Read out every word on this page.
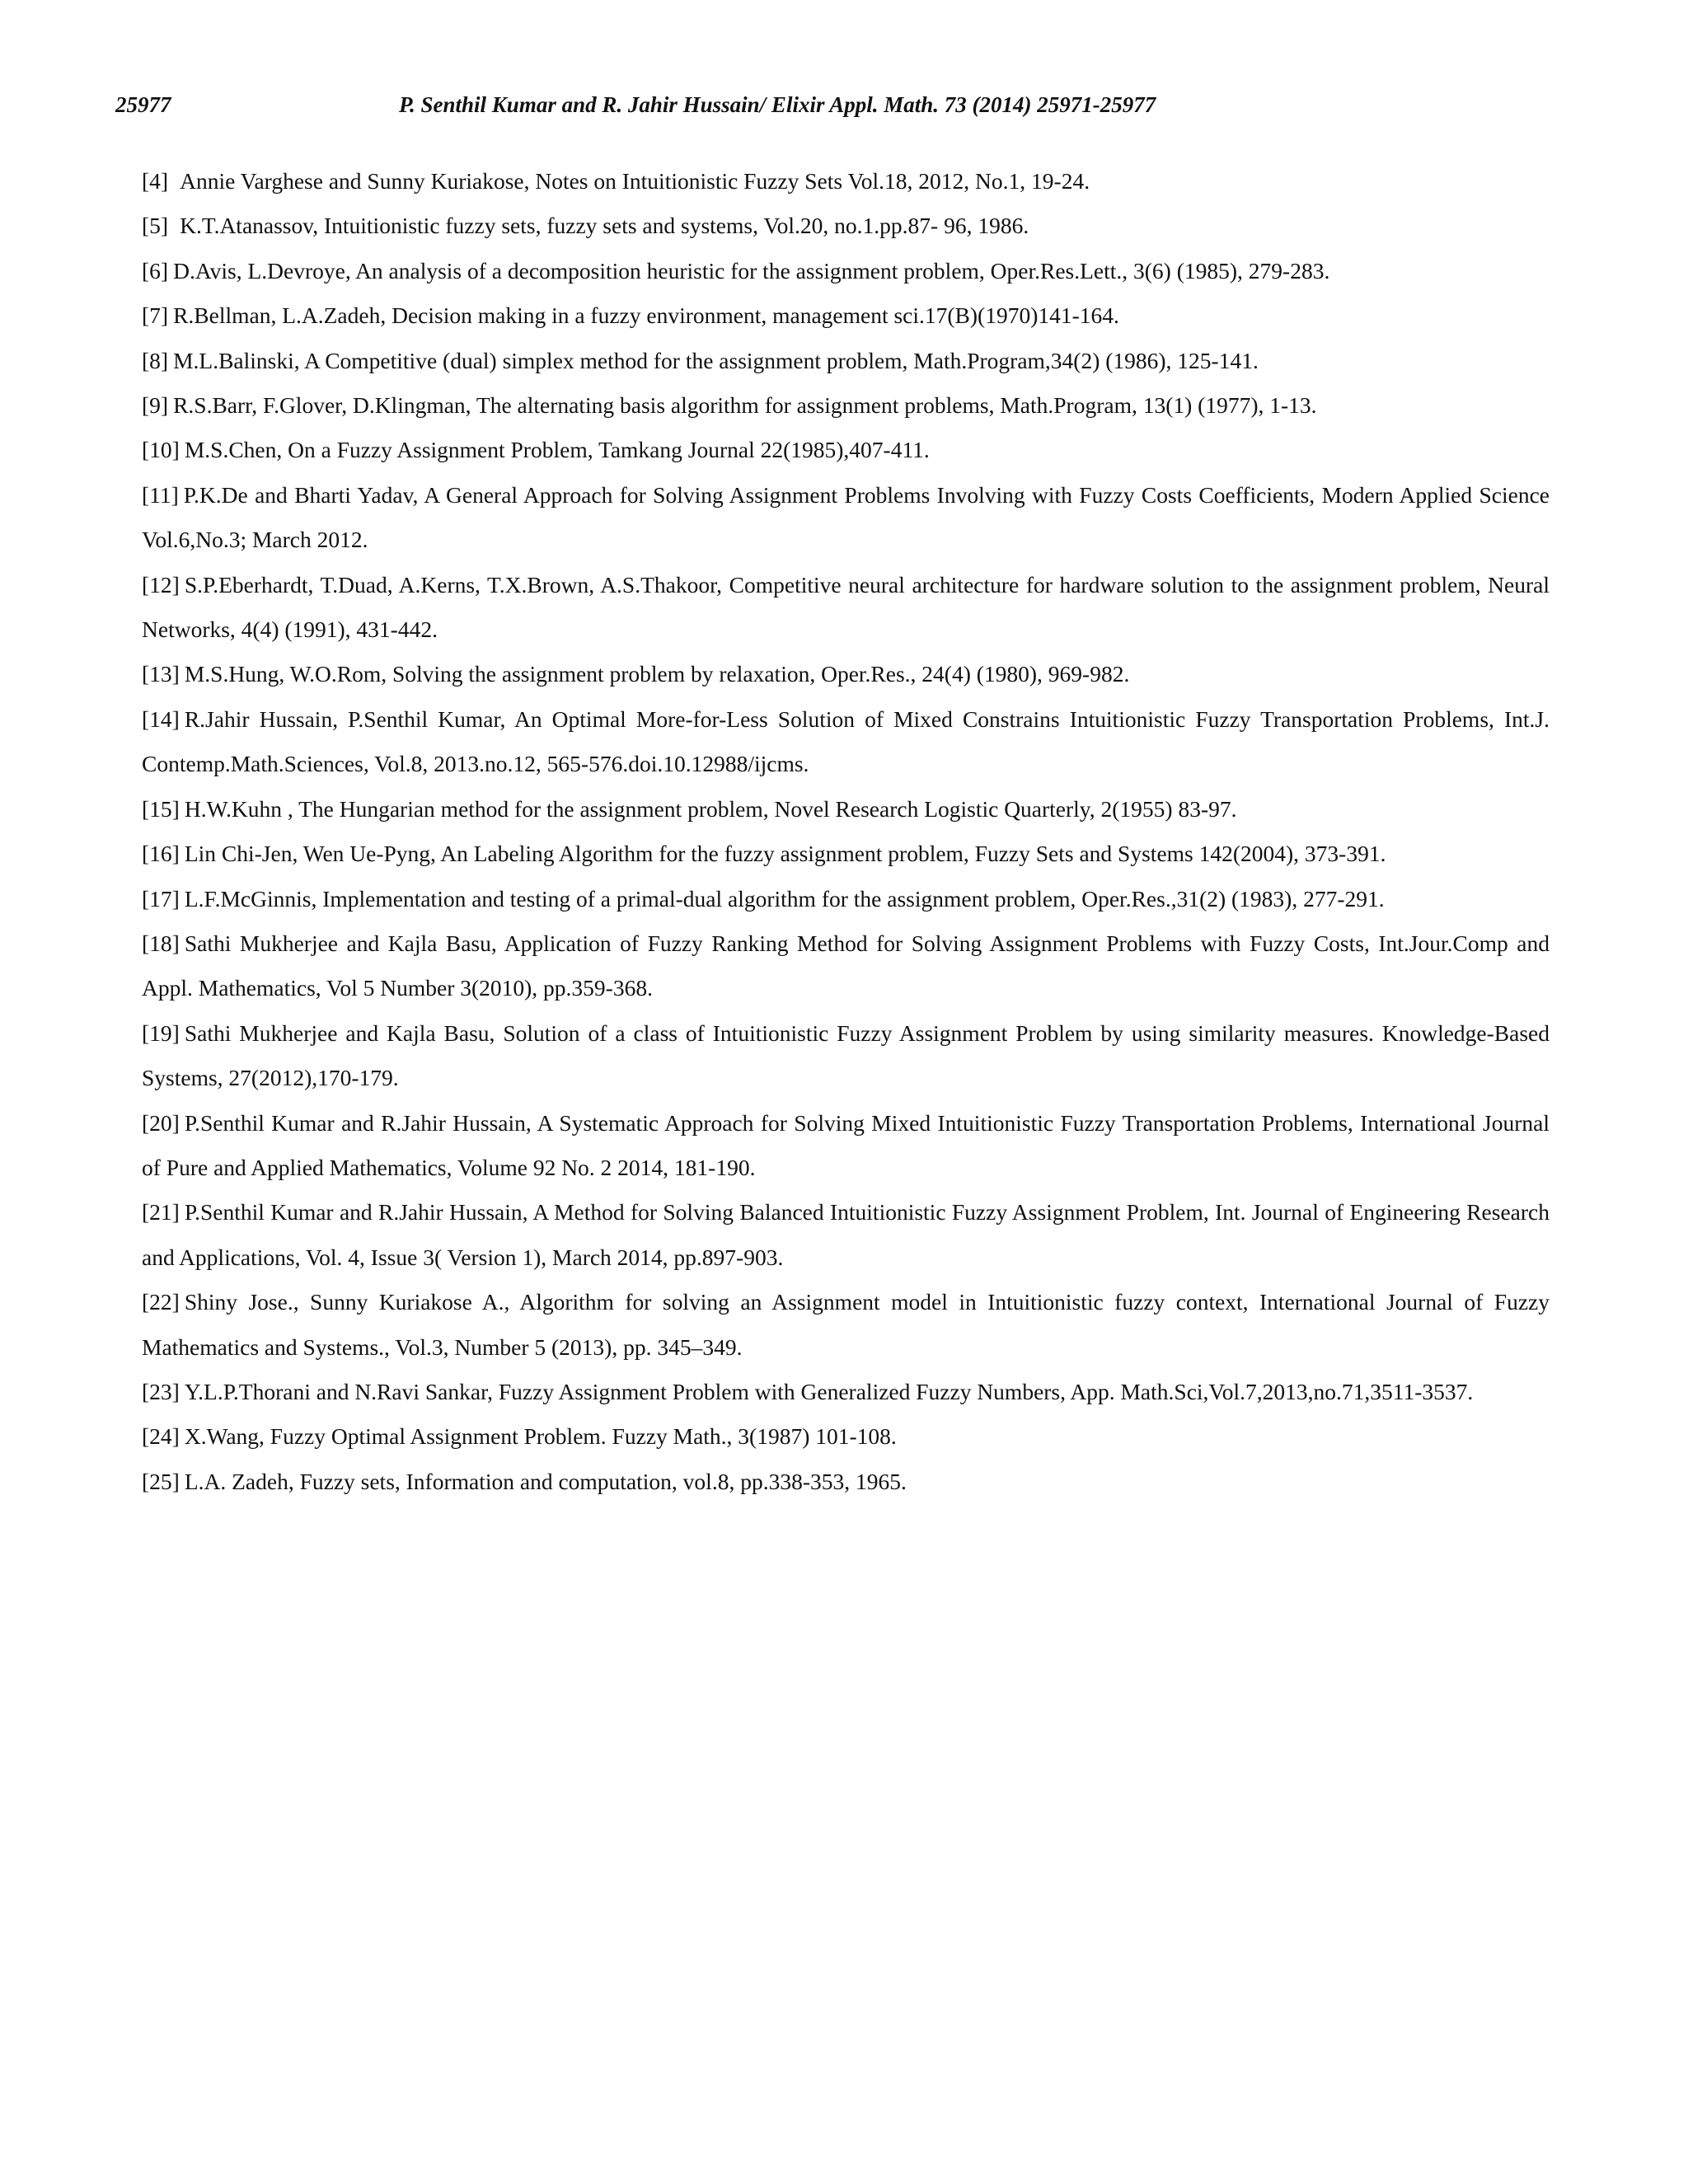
25977	P. Senthil Kumar and R. Jahir Hussain/ Elixir Appl. Math. 73 (2014) 25971-25977

[4] Annie Varghese and Sunny Kuriakose, Notes on Intuitionistic Fuzzy Sets Vol.18, 2012, No.1, 19-24.

[5] K.T.Atanassov, Intuitionistic fuzzy sets, fuzzy sets and systems, Vol.20, no.1.pp.87- 96, 1986.

[6] D.Avis, L.Devroye, An analysis of a decomposition heuristic for the assignment problem, Oper.Res.Lett., 3(6) (1985), 279-283.

[7] R.Bellman, L.A.Zadeh, Decision making in a fuzzy environment, management sci.17(B)(1970)141-164.

[8] M.L.Balinski, A Competitive (dual) simplex method for the assignment problem, Math.Program,34(2) (1986), 125-141.

[9] R.S.Barr, F.Glover, D.Klingman, The alternating basis algorithm for assignment problems, Math.Program, 13(1) (1977), 1-13.

[10] M.S.Chen, On a Fuzzy Assignment Problem, Tamkang Journal 22(1985),407-411.

[11] P.K.De and Bharti Yadav, A General Approach for Solving Assignment Problems Involving with Fuzzy Costs Coefficients, Modern Applied Science Vol.6,No.3; March 2012.

[12] S.P.Eberhardt, T.Duad, A.Kerns, T.X.Brown, A.S.Thakoor, Competitive neural architecture for hardware solution to the assignment problem, Neural Networks, 4(4) (1991), 431-442.

[13] M.S.Hung, W.O.Rom, Solving the assignment problem by relaxation, Oper.Res., 24(4) (1980), 969-982.

[14] R.Jahir Hussain, P.Senthil Kumar, An Optimal More-for-Less Solution of Mixed Constrains Intuitionistic Fuzzy Transportation Problems, Int.J. Contemp.Math.Sciences, Vol.8, 2013.no.12, 565-576.doi.10.12988/ijcms.

[15] H.W.Kuhn , The Hungarian method for the assignment problem, Novel Research Logistic Quarterly, 2(1955) 83-97.

[16] Lin Chi-Jen, Wen Ue-Pyng, An Labeling Algorithm for the fuzzy assignment problem, Fuzzy Sets and Systems 142(2004), 373-391.

[17] L.F.McGinnis, Implementation and testing of a primal-dual algorithm for the assignment problem, Oper.Res.,31(2) (1983), 277-291.

[18] Sathi Mukherjee and Kajla Basu, Application of Fuzzy Ranking Method for Solving Assignment Problems with Fuzzy Costs, Int.Jour.Comp and Appl. Mathematics, Vol 5 Number 3(2010), pp.359-368.

[19] Sathi Mukherjee and Kajla Basu, Solution of a class of Intuitionistic Fuzzy Assignment Problem by using similarity measures. Knowledge-Based Systems, 27(2012),170-179.

[20] P.Senthil Kumar and R.Jahir Hussain, A Systematic Approach for Solving Mixed Intuitionistic Fuzzy Transportation Problems, International Journal of Pure and Applied Mathematics, Volume 92 No. 2 2014, 181-190.

[21] P.Senthil Kumar and R.Jahir Hussain, A Method for Solving Balanced Intuitionistic Fuzzy Assignment Problem, Int. Journal of Engineering Research and Applications, Vol. 4, Issue 3( Version 1), March 2014, pp.897-903.

[22] Shiny Jose., Sunny Kuriakose A., Algorithm for solving an Assignment model in Intuitionistic fuzzy context, International Journal of Fuzzy Mathematics and Systems., Vol.3, Number 5 (2013), pp. 345–349.

[23] Y.L.P.Thorani and N.Ravi Sankar, Fuzzy Assignment Problem with Generalized Fuzzy Numbers, App. Math.Sci,Vol.7,2013,no.71,3511-3537.

[24] X.Wang, Fuzzy Optimal Assignment Problem. Fuzzy Math., 3(1987) 101-108.

[25] L.A. Zadeh, Fuzzy sets, Information and computation, vol.8, pp.338-353, 1965.
